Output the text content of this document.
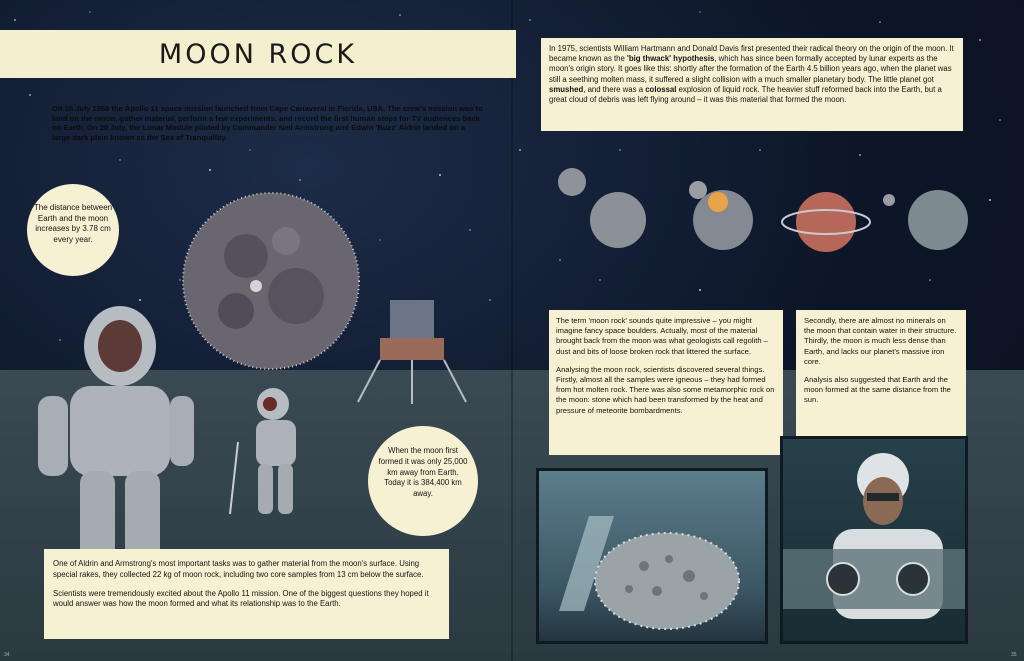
MOON ROCK
On 16 July 1969 the Apollo 11 space mission launched from Cape Canaveral in Florida, USA. The crew's mission was to land on the moon, gather material, perform a few experiments, and record the first human steps for TV audiences back on Earth. On 20 July, the Lunar Module piloted by Commander Neil Armstrong and Edwin 'Buzz' Aldrin landed on a large dark plain known as the Sea of Tranquillity.
The distance between Earth and the moon increases by 3.78 cm every year.
When the moon first formed it was only 25,000 km away from Earth. Today it is 384,400 km away.
In 1975, scientists William Hartmann and Donald Davis first presented their radical theory on the origin of the moon. It became known as the 'big thwack' hypothesis, which has since been formally accepted by lunar experts as the moon's origin story. It goes like this: shortly after the formation of the Earth 4.5 billion years ago, when the planet was still a seething molten mass, it suffered a slight collision with a much smaller planetary body. The little planet got smushed, and there was a colossal explosion of liquid rock. The heavier stuff reformed back into the Earth, but a great cloud of debris was left flying around – it was this material that formed the moon.

The term 'moon rock' sounds quite impressive – you might imagine fancy space boulders. Actually, most of the material brought back from the moon was what geologists call regolith – dust and bits of loose broken rock that littered the surface.

Analysing the moon rock, scientists discovered several things. Firstly, almost all the samples were igneous – they had formed from hot molten rock. There was also some metamorphic rock on the moon: stone which had been transformed by the heat and pressure of meteorite bombardments.

Secondly, there are almost no minerals on the moon that contain water in their structure. Thirdly, the moon is much less dense than Earth, and lacks our planet's massive iron core.

Analysis also suggested that Earth and the moon formed at the same distance from the sun.

One of Aldrin and Armstrong's most important tasks was to gather material from the moon's surface. Using special rakes, they collected 22 kg of moon rock, including two core samples from 13 cm below the surface.

Scientists were tremendously excited about the Apollo 11 mission. One of the biggest questions they hoped it would answer was how the moon formed and what its relationship was to the Earth.

34	35
